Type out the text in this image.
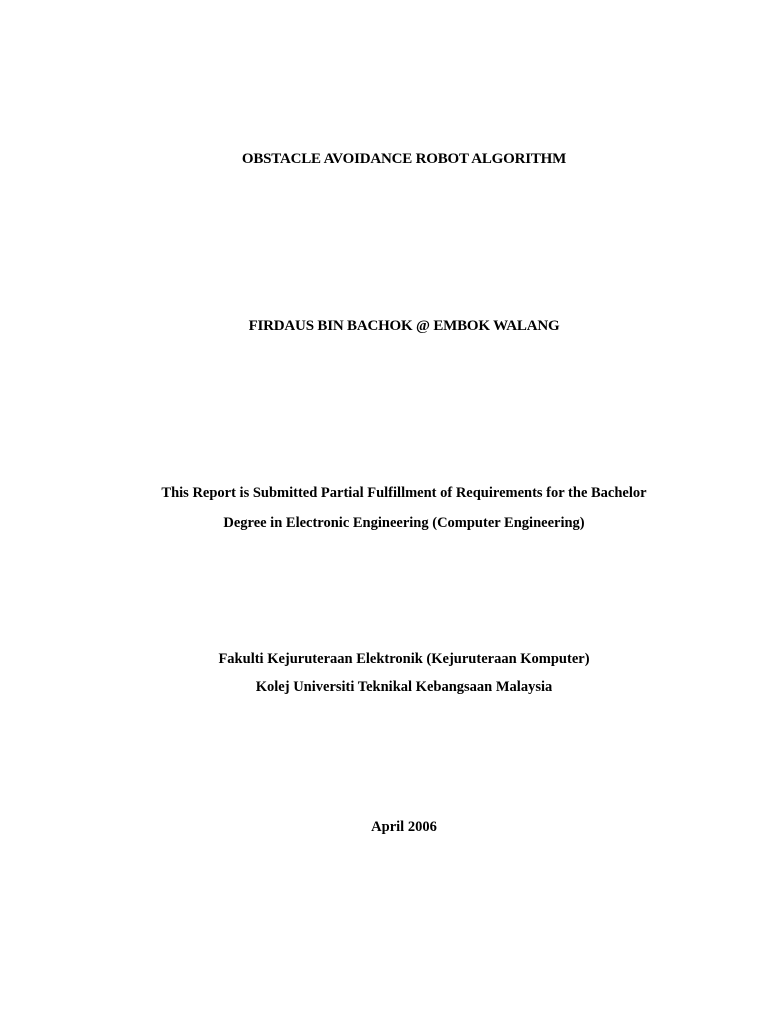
OBSTACLE AVOIDANCE ROBOT ALGORITHM
FIRDAUS BIN BACHOK @ EMBOK WALANG
This Report is Submitted Partial Fulfillment of Requirements for the Bachelor
Degree in Electronic Engineering (Computer Engineering)
Fakulti Kejuruteraan Elektronik (Kejuruteraan Komputer)
Kolej Universiti Teknikal Kebangsaan Malaysia
April 2006
